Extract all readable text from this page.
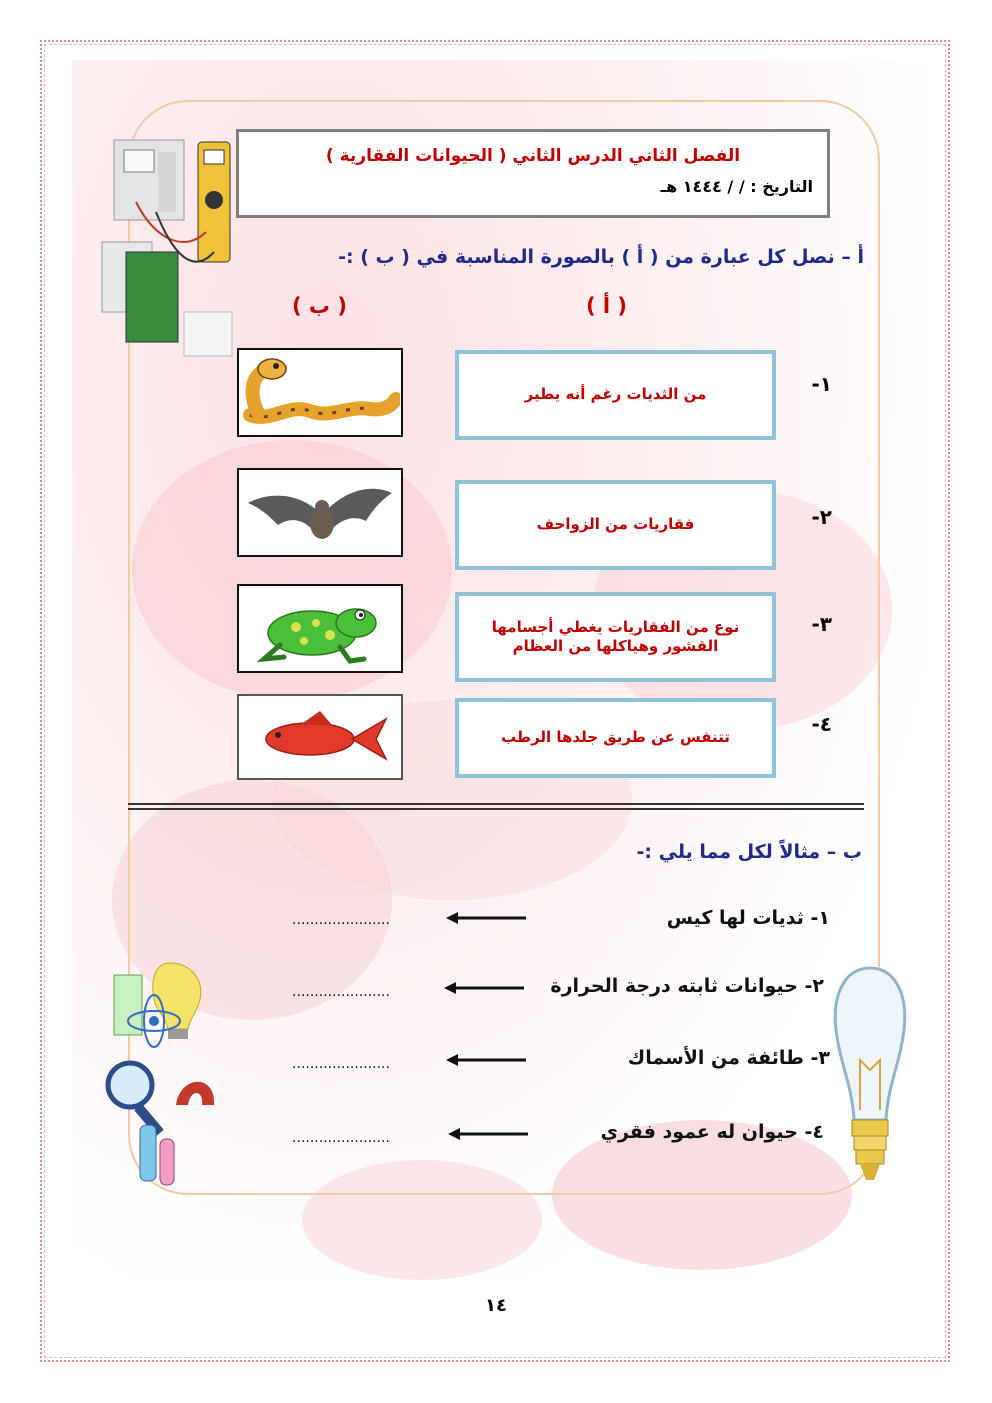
الفصل الثاني الدرس الثاني ( الحيوانات الفقارية )
التاريخ : / / ١٤٤٤ هـ
أ – نصل كل عبارة من ( أ ) بالصورة المناسبة في ( ب ) :-
( ب )	( أ )
١-
من الثديات رغم أنه يطير
٢-
فقاريات من الزواحف
٣-
نوع من الفقاريات يغطي أجسامها القشور وهياكلها من العظام
٤-
تتنفس عن طريق جلدها الرطب
ب – مثالاً لكل مما يلي :-
١- ثديات لها كيس
......................
٢- حيوانات ثابته درجة الحرارة
......................
٣- طائفة من الأسماك
......................
٤- حيوان له عمود فقري
......................
١٤
